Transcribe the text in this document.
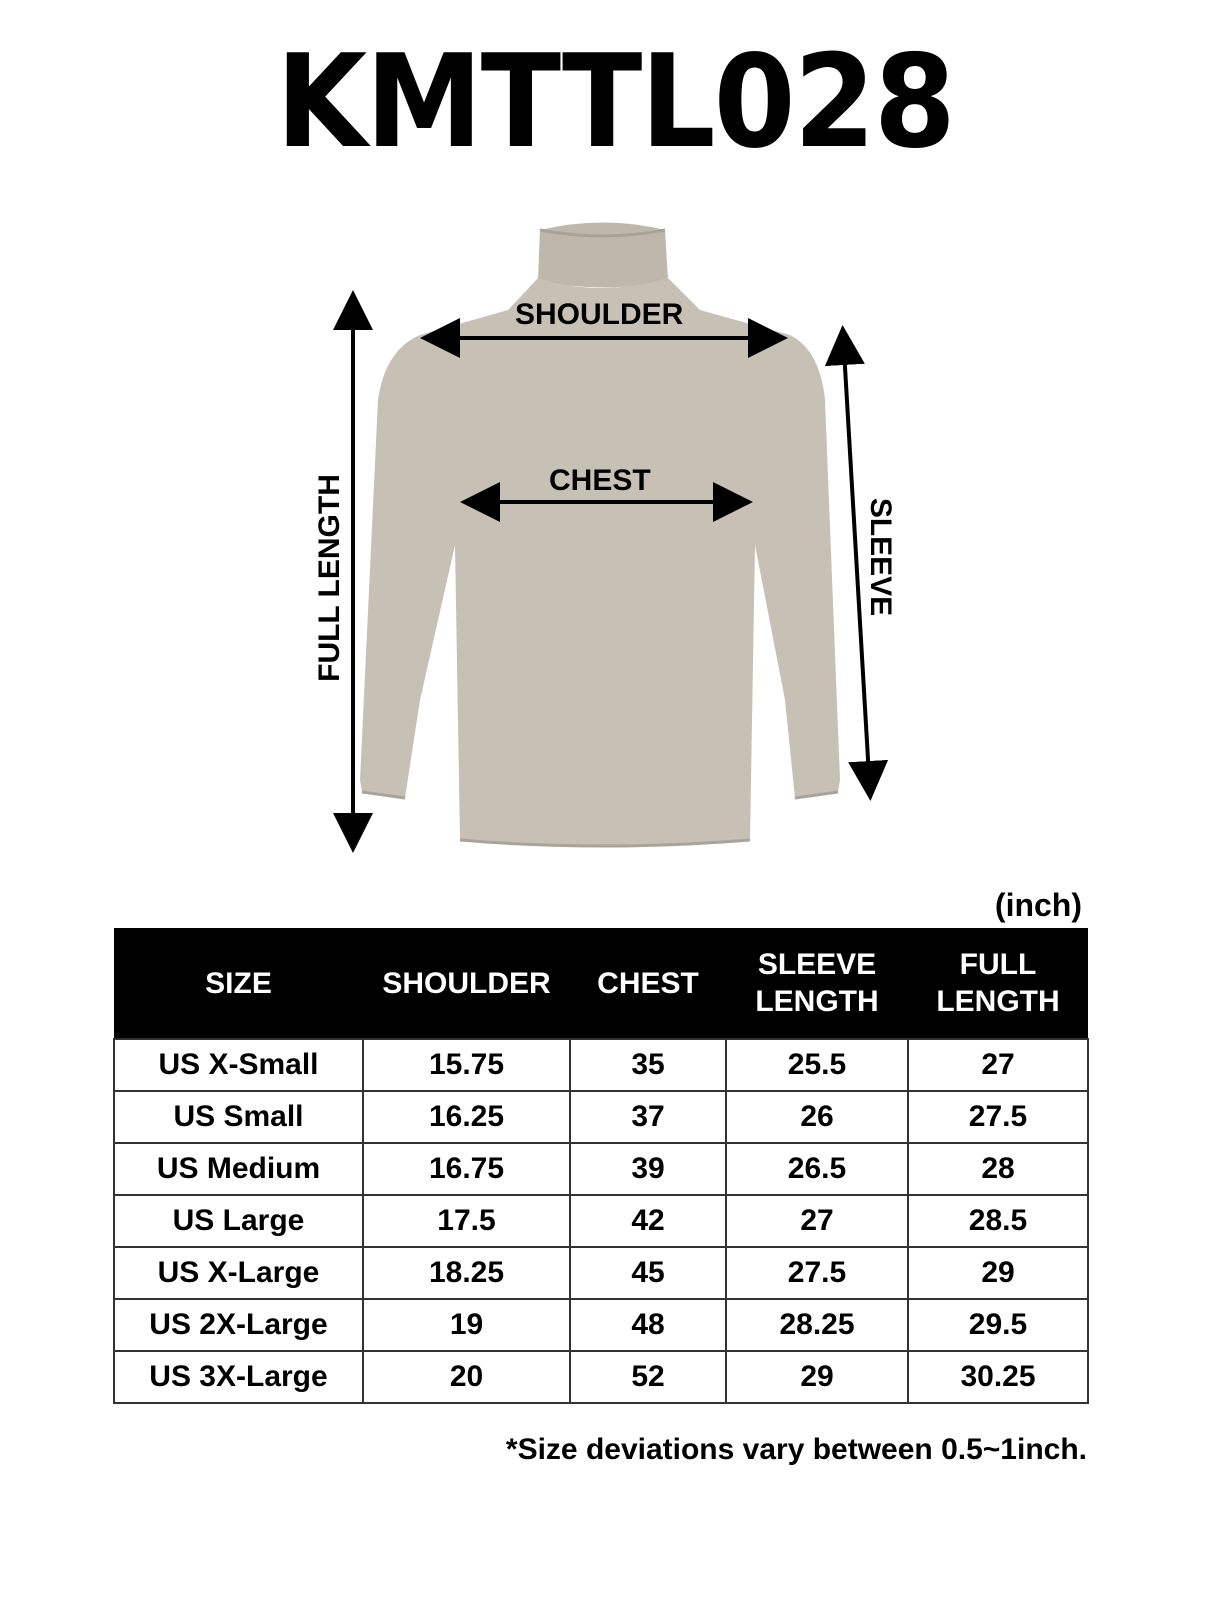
KMTTL028
SHOULDER
CHEST
FULL LENGTH	SLEEVE
(inch)
SIZE	SHOULDER	CHEST	SLEEVE LENGTH	FULL LENGTH

US X-Small	15.75	35	25.5	27
US Small	16.25	37	26	27.5
US Medium	16.75	39	26.5	28
US Large	17.5	42	27	28.5
US X-Large	18.25	45	27.5	29
US 2X-Large	19	48	28.25	29.5
US 3X-Large	20	52	29	30.25
*Size deviations vary between 0.5~1inch.
